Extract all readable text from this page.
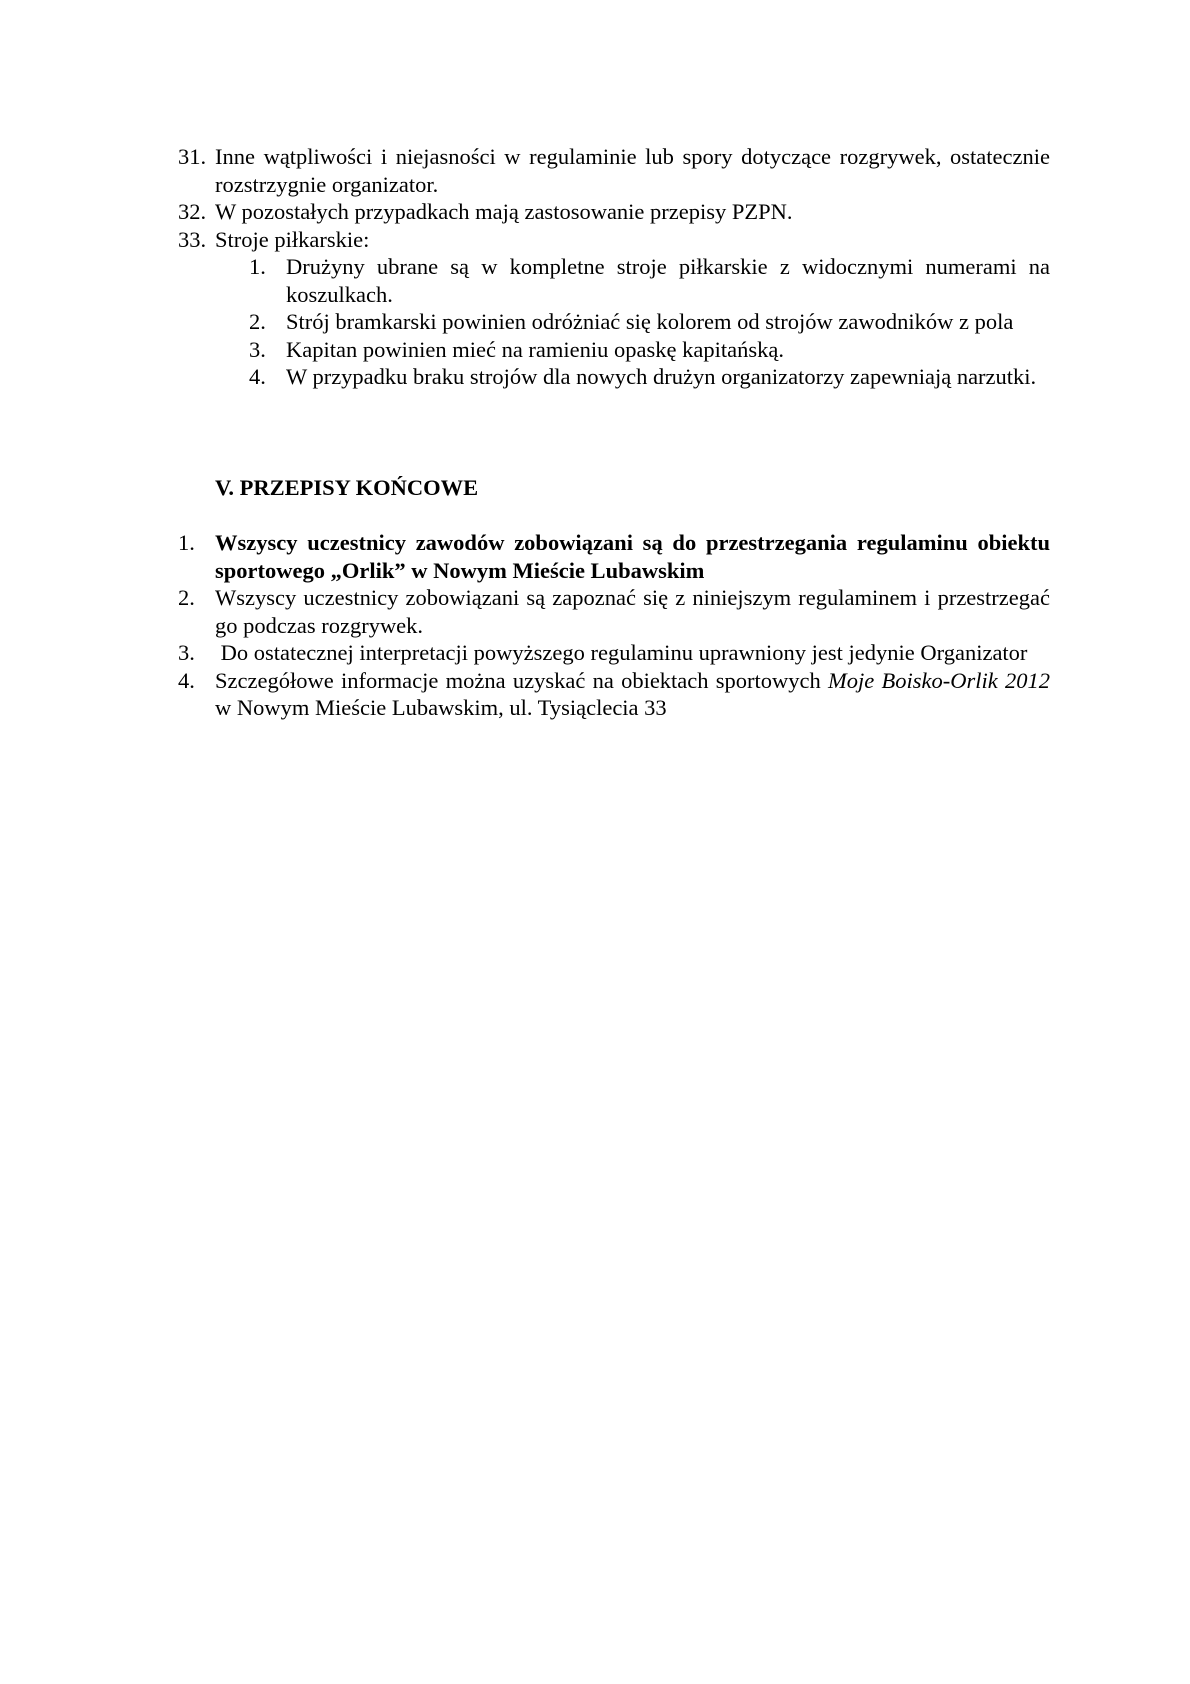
31. Inne wątpliwości i niejasności w regulaminie lub spory dotyczące rozgrywek, ostatecznie rozstrzygnie organizator.
32. W pozostałych przypadkach mają zastosowanie przepisy PZPN.
33. Stroje piłkarskie:
1. Drużyny ubrane są w kompletne stroje piłkarskie z widocznymi numerami na koszulkach.
2. Strój bramkarski powinien odróżniać się kolorem od strojów zawodników z pola
3. Kapitan powinien mieć na ramieniu opaskę kapitańską.
4. W przypadku braku strojów dla nowych drużyn organizatorzy zapewniają narzutki.
V. PRZEPISY KOŃCOWE
1. Wszyscy uczestnicy zawodów zobowiązani są do przestrzegania regulaminu obiektu sportowego „Orlik” w Nowym Mieście Lubawskim
2. Wszyscy uczestnicy zobowiązani są zapoznać się z niniejszym regulaminem i przestrzegać go podczas rozgrywek.
3. Do ostatecznej interpretacji powyższego regulaminu uprawniony jest jedynie Organizator
4. Szczegółowe informacje można uzyskać na obiektach sportowych Moje Boisko-Orlik 2012 w Nowym Mieście Lubawskim, ul. Tysiąclecia 33
